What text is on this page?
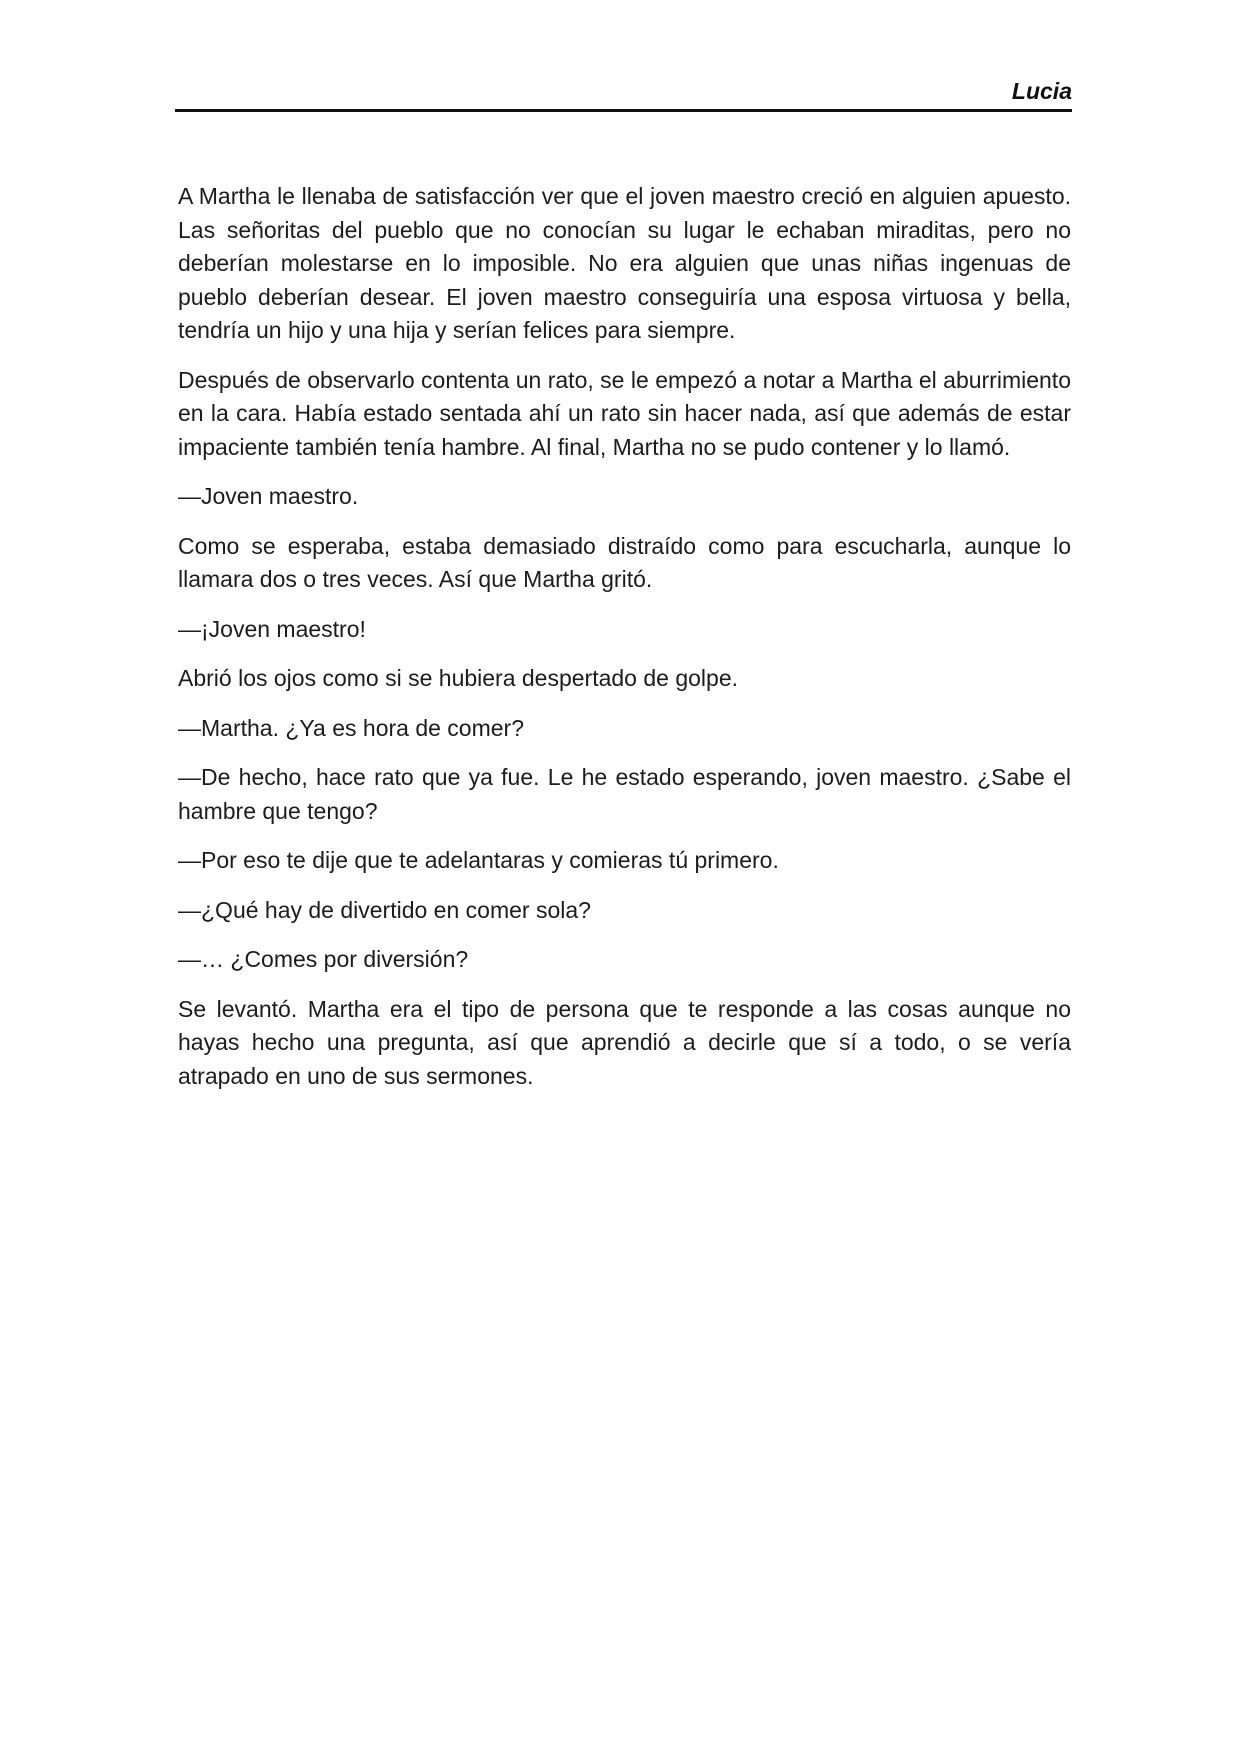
Lucia

A Martha le llenaba de satisfacción ver que el joven maestro creció en alguien apuesto. Las señoritas del pueblo que no conocían su lugar le echaban miraditas, pero no deberían molestarse en lo imposible. No era alguien que unas niñas ingenuas de pueblo deberían desear. El joven maestro conseguiría una esposa virtuosa y bella, tendría un hijo y una hija y serían felices para siempre.

Después de observarlo contenta un rato, se le empezó a notar a Martha el aburrimiento en la cara. Había estado sentada ahí un rato sin hacer nada, así que además de estar impaciente también tenía hambre. Al final, Martha no se pudo contener y lo llamó.

—Joven maestro.

Como se esperaba, estaba demasiado distraído como para escucharla, aunque lo llamara dos o tres veces. Así que Martha gritó.

—¡Joven maestro!

Abrió los ojos como si se hubiera despertado de golpe.

—Martha. ¿Ya es hora de comer?

—De hecho, hace rato que ya fue. Le he estado esperando, joven maestro. ¿Sabe el hambre que tengo?

—Por eso te dije que te adelantaras y comieras tú primero.

—¿Qué hay de divertido en comer sola?

—… ¿Comes por diversión?

Se levantó. Martha era el tipo de persona que te responde a las cosas aunque no hayas hecho una pregunta, así que aprendió a decirle que sí a todo, o se vería atrapado en uno de sus sermones.
